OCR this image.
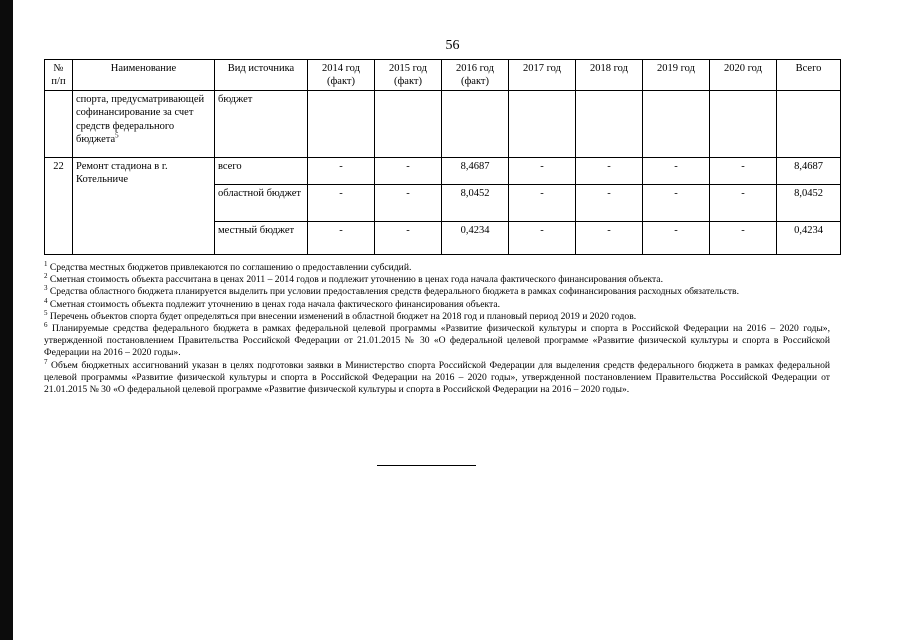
56
№ п/п	Наименование	Вид источника	2014 год (факт)	2015 год (факт)	2016 год (факт)	2017 год	2018 год	2019 год	2020 год	Всего
	спорта, предусматривающей софинансирование за счет средств федерального бюджета$^5$	бюджет								
22	Ремонт стадиона в г. Котельниче	всего	-	-	8,4687	-	-	-	-	8,4687
		областной бюджет	-	-	8,0452	-	-	-	-	8,0452
		местный бюджет	-	-	0,4234	-	-	-	-	0,4234

$^1$ Средства местных бюджетов привлекаются по соглашению о предоставлении субсидий.

$^2$ Сметная стоимость объекта рассчитана в ценах 2011 – 2014 годов и подлежит уточнению в ценах года начала фактического финансирования объекта.

$^3$ Средства областного бюджета планируется выделить при условии предоставления средств федерального бюджета в рамках софинансирования расходных обязательств.

$^4$ Сметная стоимость объекта подлежит уточнению в ценах года начала фактического финансирования объекта.

$^5$ Перечень объектов спорта будет определяться при внесении изменений в областной бюджет на 2018 год и плановый период 2019 и 2020 годов.

$^6$ Планируемые средства федерального бюджета в рамках федеральной целевой программы «Развитие физической культуры и спорта в Российской Федерации на 2016 – 2020 годы», утвержденной постановлением Правительства Российской Федерации от 21.01.2015 № 30 «О федеральной целевой программе «Развитие физической культуры и спорта в Российской Федерации на 2016 – 2020 годы».

$^7$ Объем бюджетных ассигнований указан в целях подготовки заявки в Министерство спорта Российской Федерации для выделения средств федерального бюджета в рамках федеральной целевой программы «Развитие физической культуры и спорта в Российской Федерации на 2016 – 2020 годы», утвержденной постановлением Правительства Российской Федерации от 21.01.2015 № 30 «О федеральной целевой программе «Развитие физической культуры и спорта в Российской Федерации на 2016 – 2020 годы».
